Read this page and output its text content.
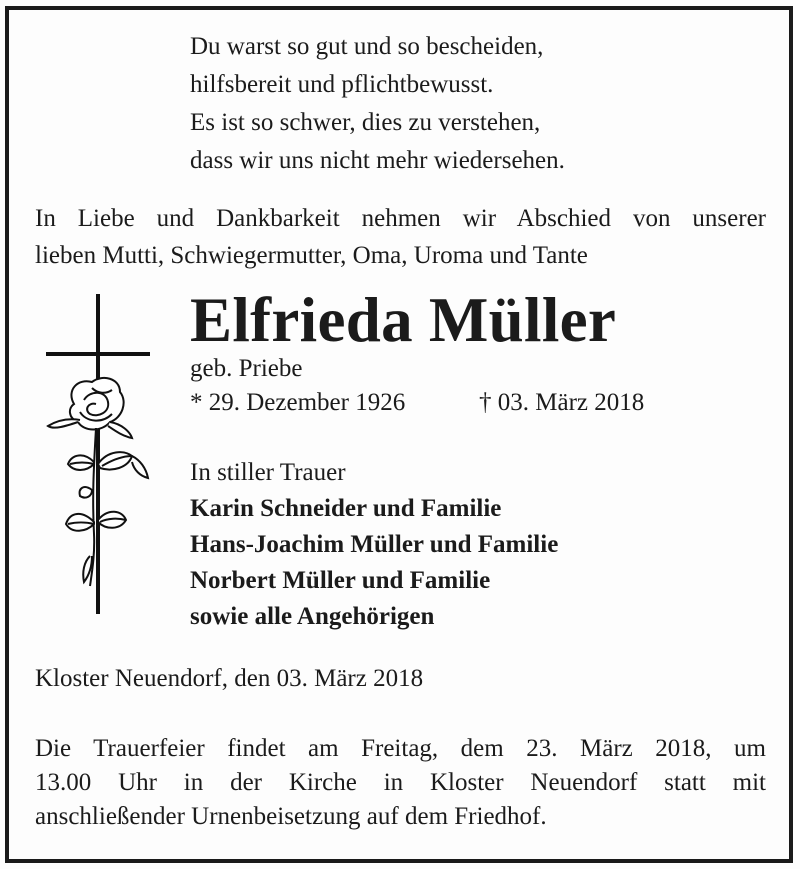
Du warst so gut und so bescheiden,
hilfsbereit und pflichtbewusst.
Es ist so schwer, dies zu verstehen,
dass wir uns nicht mehr wiedersehen.
In Liebe und Dankbarkeit nehmen wir Abschied von unserer
lieben Mutti, Schwiegermutter, Oma, Uroma und Tante
Elfrieda Müller
geb. Priebe
* 29. Dezember 1926	† 03. März 2018
In stiller Trauer
Karin Schneider und Familie
Hans-Joachim Müller und Familie
Norbert Müller und Familie
sowie alle Angehörigen
Kloster Neuendorf, den 03. März 2018
Die Trauerfeier findet am Freitag, dem 23. März 2018, um
13.00 Uhr in der Kirche in Kloster Neuendorf statt mit
anschließender Urnenbeisetzung auf dem Friedhof.
